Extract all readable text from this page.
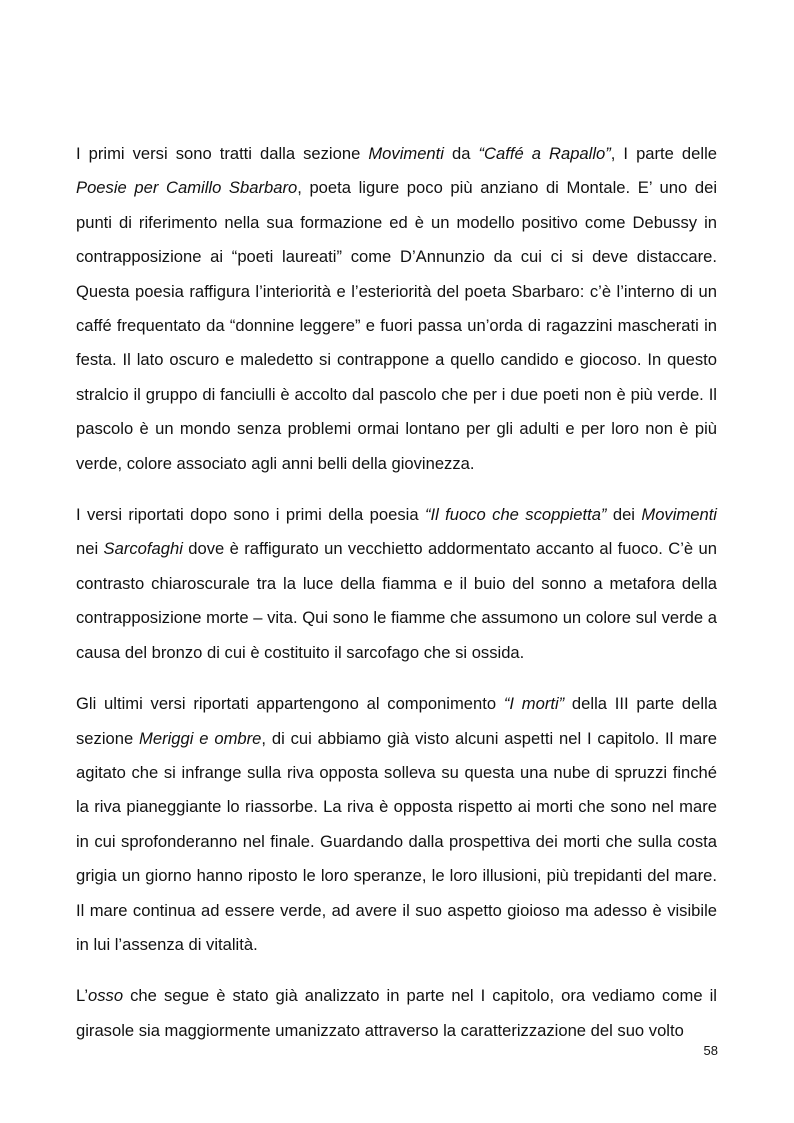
I primi versi sono tratti dalla sezione Movimenti da “Caffé a Rapallo”, I parte delle Poesie per Camillo Sbarbaro, poeta ligure poco più anziano di Montale. E’ uno dei punti di riferimento nella sua formazione ed è un modello positivo come Debussy in contrapposizione ai “poeti laureati” come D’Annunzio da cui ci si deve distaccare. Questa poesia raffigura l’interiorità e l’esteriorità del poeta Sbarbaro: c’è l’interno di un caffé frequentato da “donnine leggere” e fuori passa un’orda di ragazzini mascherati in festa. Il lato oscuro e maledetto si contrappone a quello candido e giocoso. In questo stralcio il gruppo di fanciulli è accolto dal pascolo che per i due poeti non è più verde. Il pascolo è un mondo senza problemi ormai lontano per gli adulti e per loro non è più verde, colore associato agli anni belli della giovinezza.

I versi riportati dopo sono i primi della poesia “Il fuoco che scoppietta” dei Movimenti nei Sarcofaghi dove è raffigurato un vecchietto addormentato accanto al fuoco. C’è un contrasto chiaroscurale tra la luce della fiamma e il buio del sonno a metafora della contrapposizione morte – vita. Qui sono le fiamme che assumono un colore sul verde a causa del bronzo di cui è costituito il sarcofago che si ossida.

Gli ultimi versi riportati appartengono al componimento “I morti” della III parte della sezione Meriggi e ombre, di cui abbiamo già visto alcuni aspetti nel I capitolo. Il mare agitato che si infrange sulla riva opposta solleva su questa una nube di spruzzi finché la riva pianeggiante lo riassorbe. La riva è opposta rispetto ai morti che sono nel mare in cui sprofonderanno nel finale. Guardando dalla prospettiva dei morti che sulla costa grigia un giorno hanno riposto le loro speranze, le loro illusioni, più trepidanti del mare. Il mare continua ad essere verde, ad avere il suo aspetto gioioso ma adesso è visibile in lui l’assenza di vitalità.

L’osso che segue è stato già analizzato in parte nel I capitolo, ora vediamo come il girasole sia maggiormente umanizzato attraverso la caratterizzazione del suo volto

58
